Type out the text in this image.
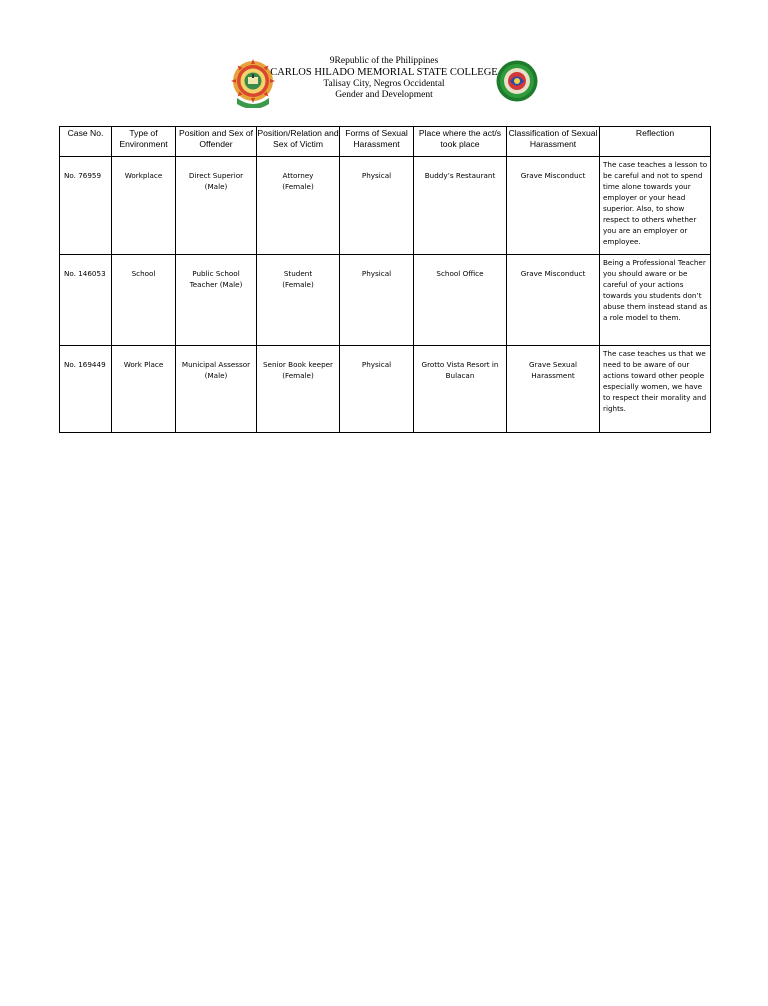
9Republic of the Philippines
CARLOS HILADO MEMORIAL STATE COLLEGE
Talisay City, Negros Occidental
Gender and Development
Case No.	Type of Environment	Position and Sex of Offender	Position/Relation and Sex of Victim	Forms of Sexual Harassment	Place where the act/s took place	Classification of Sexual Harassment	Reflection

No. 76959	Workplace	Direct Superior (Male)	Attorney (Female)	Physical	Buddy’s Restaurant	Grave Misconduct	The case teaches a lesson to be careful and not to spend time alone towards your employer or your head superior. Also, to show respect to others whether you are an employer or employee.

No. 146053	School	Public School Teacher (Male)	Student (Female)	Physical	School Office	Grave Misconduct	Being a Professional Teacher you should aware or be careful of your actions towards you students don’t abuse them instead stand as a role model to them.

No. 169449	Work Place	Municipal Assessor (Male)	Senior Book keeper (Female)	Physical	Grotto Vista Resort in Bulacan	Grave Sexual Harassment	The case teaches us that we need to be aware of our actions toward other people especially women, we have to respect their morality and rights.
